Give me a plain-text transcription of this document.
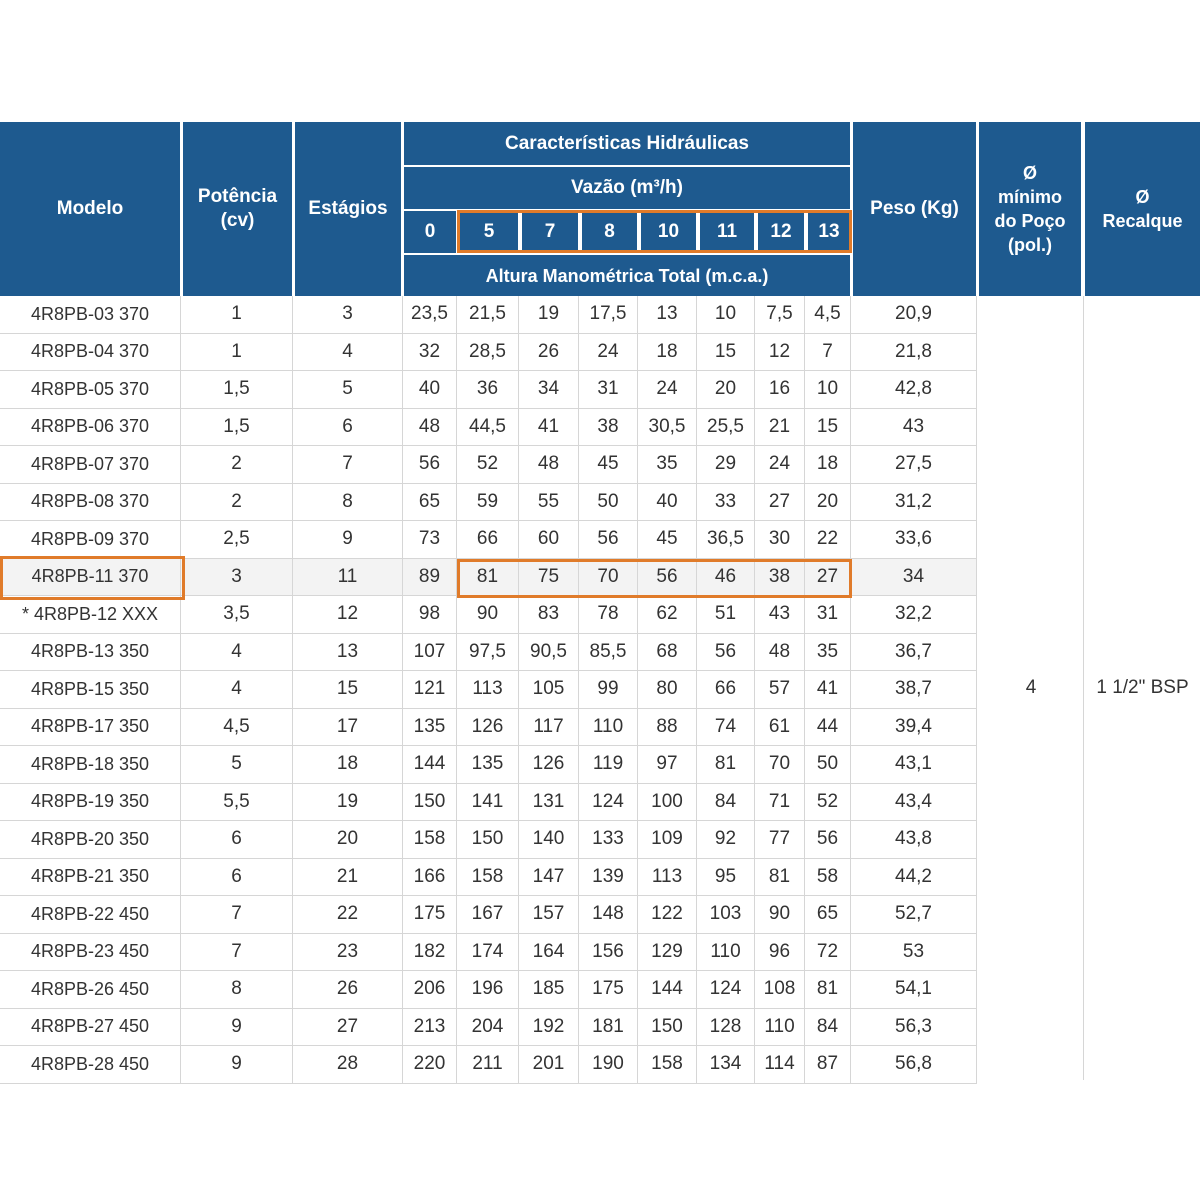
Modelo
Potência
(cv)
Estágios
Características Hidráulicas
Vazão (m³/h)
0	5	7	8	10	11	12	13
Altura Manométrica Total (m.c.a.)
Peso (Kg)
Ø
mínimo
do Poço
(pol.)
Ø
Recalque
4R8PB-03 370	1	3	23,5	21,5	19	17,5	13	10	7,5	4,5	20,9
4R8PB-04 370	1	4	32	28,5	26	24	18	15	12	7	21,8
4R8PB-05 370	1,5	5	40	36	34	31	24	20	16	10	42,8
4R8PB-06 370	1,5	6	48	44,5	41	38	30,5	25,5	21	15	43
4R8PB-07 370	2	7	56	52	48	45	35	29	24	18	27,5
4R8PB-08 370	2	8	65	59	55	50	40	33	27	20	31,2
4R8PB-09 370	2,5	9	73	66	60	56	45	36,5	30	22	33,6
4R8PB-11 370	3	11	89	81	75	70	56	46	38	27	34
* 4R8PB-12 XXX	3,5	12	98	90	83	78	62	51	43	31	32,2
4R8PB-13 350	4	13	107	97,5	90,5	85,5	68	56	48	35	36,7
4R8PB-15 350	4	15	121	113	105	99	80	66	57	41	38,7
4R8PB-17 350	4,5	17	135	126	117	110	88	74	61	44	39,4
4R8PB-18 350	5	18	144	135	126	119	97	81	70	50	43,1
4R8PB-19 350	5,5	19	150	141	131	124	100	84	71	52	43,4
4R8PB-20 350	6	20	158	150	140	133	109	92	77	56	43,8
4R8PB-21 350	6	21	166	158	147	139	113	95	81	58	44,2
4R8PB-22 450	7	22	175	167	157	148	122	103	90	65	52,7
4R8PB-23 450	7	23	182	174	164	156	129	110	96	72	53
4R8PB-26 450	8	26	206	196	185	175	144	124	108	81	54,1
4R8PB-27 450	9	27	213	204	192	181	150	128	110	84	56,3
4R8PB-28 450	9	28	220	211	201	190	158	134	114	87	56,8
4	1 1/2" BSP
